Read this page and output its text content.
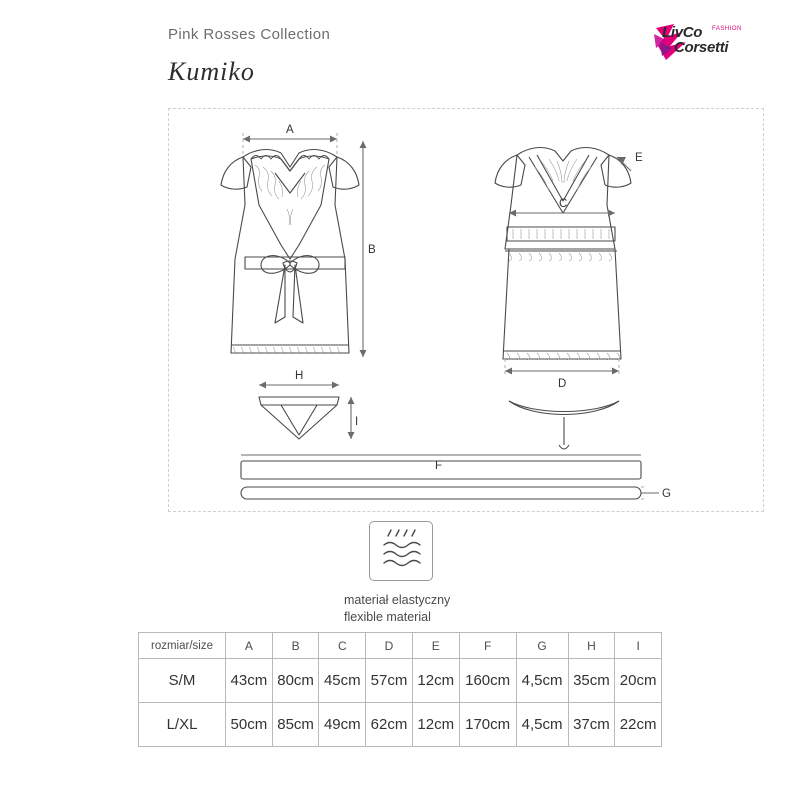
Pink Rosses Collection
Kumiko
LivCo FASHION
Corsetti
A
B
C
D
E
F
G
H
I
materiał elastyczny
flexible material
rozmiar/size	A	B	C	D	E	F	G	H	I
S/M	43cm	80cm	45cm	57cm	12cm	160cm	4,5cm	35cm	20cm
L/XL	50cm	85cm	49cm	62cm	12cm	170cm	4,5cm	37cm	22cm
